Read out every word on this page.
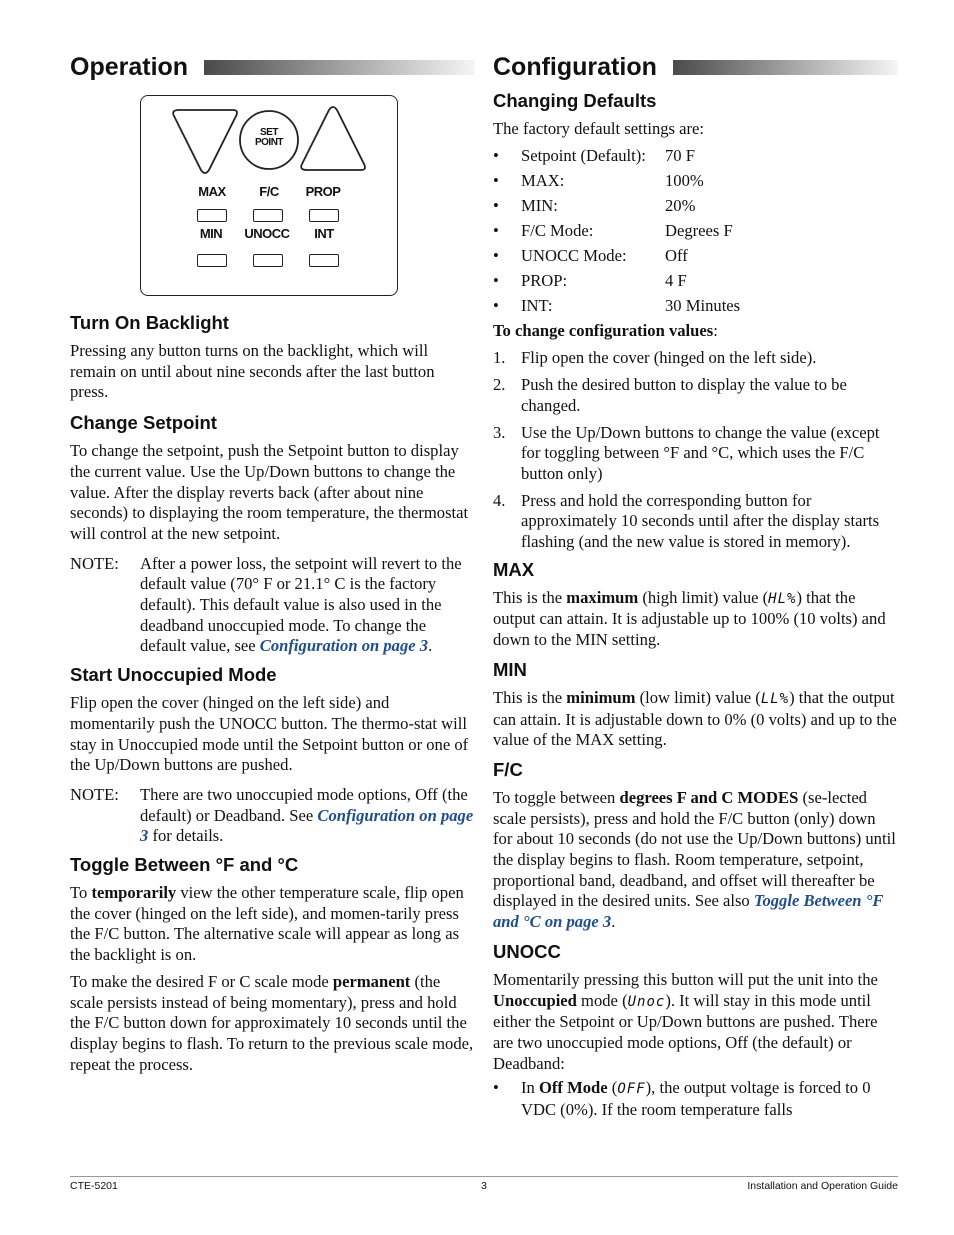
Operation
SET
POINT
MAX	F/C	PROP
MIN	UNOCC	INT
Turn On Backlight

Pressing any button turns on the backlight, which will remain on until about nine seconds after the last button press.

Change Setpoint

To change the setpoint, push the Setpoint button to display the current value. Use the Up/Down buttons to change the value. After the display reverts back (after about nine seconds) to displaying the room temperature, the thermostat will control at the new setpoint.

NOTE:	After a power loss, the setpoint will revert to the default value (70° F or 21.1° C is the factory default). This default value is also used in the deadband unoccupied mode. To change the default value, see Configuration on page 3.
Start Unoccupied Mode

Flip open the cover (hinged on the left side) and momentarily push the UNOCC button. The thermo-stat will stay in Unoccupied mode until the Setpoint button or one of the Up/Down buttons are pushed.

NOTE:	There are two unoccupied mode options, Off (the default) or Deadband. See Configuration on page 3 for details.
Toggle Between °F and °C

To temporarily view the other temperature scale, flip open the cover (hinged on the left side), and momen-tarily press the F/C button. The alternative scale will appear as long as the backlight is on.

To make the desired F or C scale mode permanent (the scale persists instead of being momentary), press and hold the F/C button down for approximately 10 seconds until the display begins to flash. To return to the previous scale mode, repeat the process.

Configuration
Changing Defaults

The factory default settings are:

•	Setpoint (Default):	70 F
•	MAX:	100%
•	MIN:	20%
•	F/C Mode:	Degrees F
•	UNOCC Mode:	Off
•	PROP:	4 F
•	INT:	30 Minutes

To change configuration values:

1. Flip open the cover (hinged on the left side).
2. Push the desired button to display the value to be changed.
3. Use the Up/Down buttons to change the value (except for toggling between °F and °C, which uses the F/C button only)
4. Press and hold the corresponding button for approximately 10 seconds until after the display starts flashing (and the new value is stored in memory).
MAX

This is the maximum (high limit) value (HL%) that the output can attain. It is adjustable up to 100% (10 volts) and down to the MIN setting.

MIN

This is the minimum (low limit) value (LL%) that the output can attain. It is adjustable down to 0% (0 volts) and up to the value of the MAX setting.

F/C

To toggle between degrees F and C MODES (se-lected scale persists), press and hold the F/C button (only) down for about 10 seconds (do not use the Up/Down buttons) until the display begins to flash. Room temperature, setpoint, proportional band, deadband, and offset will thereafter be displayed in the desired units. See also Toggle Between °F and °C on page 3.

UNOCC

Momentarily pressing this button will put the unit into the Unoccupied mode (Unoc). It will stay in this mode until either the Setpoint or Up/Down buttons are pushed. There are two unoccupied mode options, Off (the default) or Deadband:

•	In Off Mode (OFF), the output voltage is forced to 0 VDC (0%). If the room temperature falls
CTE-5201	3	Installation and Operation Guide
